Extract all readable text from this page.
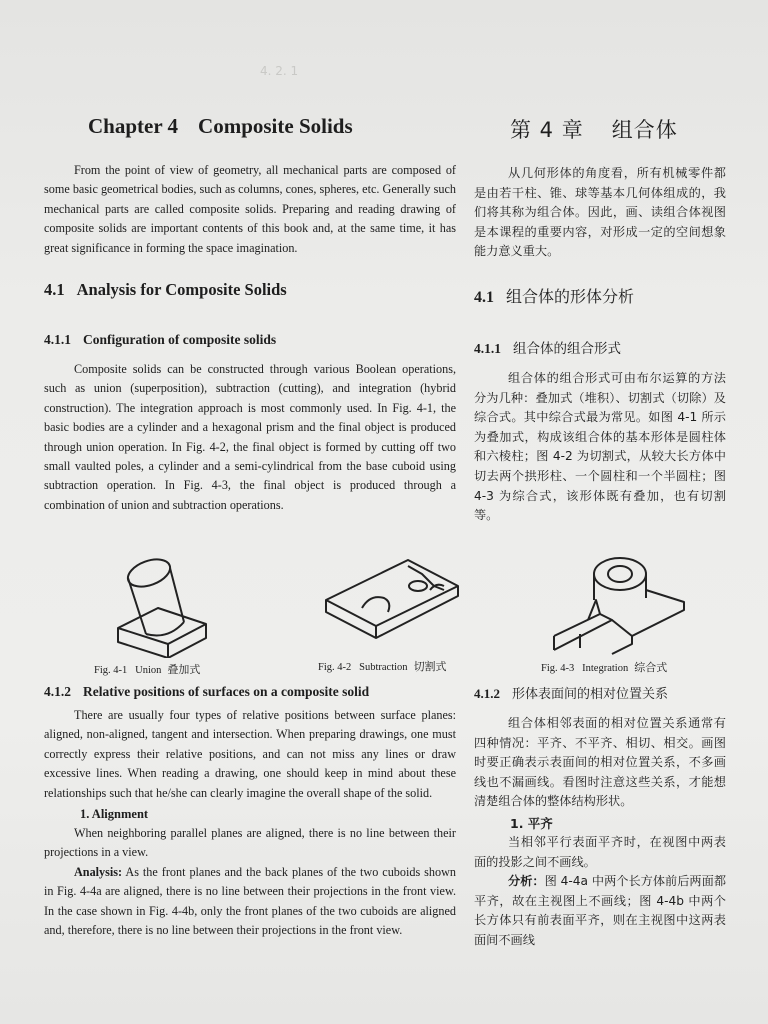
4. 2. 1
Chapter 4 Composite Solids

From the point of view of geometry, all mechanical parts are composed of some basic geometrical bodies, such as columns, cones, spheres, etc. Generally such mechanical parts are called composite solids. Preparing and reading drawing of composite solids are important contents of this book and, at the same time, it has great significance in forming the space imagination.

4.1 Analysis for Composite Solids
4.1.1 Configuration of composite solids

Composite solids can be constructed through various Boolean operations, such as union (superposition), subtraction (cutting), and integration (hybrid construction). The integration approach is most commonly used. In Fig. 4-1, the basic bodies are a cylinder and a hexagonal prism and the final object is produced through union operation. In Fig. 4-2, the final object is formed by cutting off two small vaulted poles, a cylinder and a semi-cylindrical from the base cuboid using subtraction operation. In Fig. 4-3, the final object is produced through a combination of union and subtraction operations.

第 4 章 组合体

从几何形体的角度看，所有机械零件都是由若干柱、锥、球等基本几何体组成的，我们将其称为组合体。因此，画、读组合体视图是本课程的重要内容，对形成一定的空间想象能力意义重大。

4.1 组合体的形体分析
4.1.1 组合体的组合形式

组合体的组合形式可由布尔运算的方法分为几种：叠加式（堆积）、切割式（切除）及综合式。其中综合式最为常见。如图 4-1 所示为叠加式，构成该组合体的基本形体是圆柱体和六棱柱；图 4-2 为切割式，从较大长方体中切去两个拱形柱、一个圆柱和一个半圆柱；图 4-3 为综合式，该形体既有叠加，也有切割等。

Fig. 4-1 Union 叠加式	Fig. 4-2 Subtraction 切割式	Fig. 4-3 Integration 综合式
4.1.2 Relative positions of surfaces on a composite solid

There are usually four types of relative positions between surface planes: aligned, non-aligned, tangent and intersection. When preparing drawings, one must correctly express their relative positions, and can not miss any lines or draw excessive lines. When reading a drawing, one should keep in mind about these relationships such that he/she can clearly imagine the overall shape of the solid.

1. Alignment

When neighboring parallel planes are aligned, there is no line between their projections in a view.

Analysis: As the front planes and the back planes of the two cuboids shown in Fig. 4-4a are aligned, there is no line between their projections in the front view. In the case shown in Fig. 4-4b, only the front planes of the two cuboids are aligned and, therefore, there is no line between their projections in the front view.

4.1.2 形体表面间的相对位置关系

组合体相邻表面的相对位置关系通常有四种情况：平齐、不平齐、相切、相交。画图时要正确表示表面间的相对位置关系，不多画线也不漏画线。看图时注意这些关系，才能想清楚组合体的整体结构形状。

1. 平齐

当相邻平行表面平齐时，在视图中两表面的投影之间不画线。

分析：图 4-4a 中两个长方体前后两面都平齐，故在主视图上不画线；图 4-4b 中两个长方体只有前表面平齐，则在主视图中这两表面间不画线
